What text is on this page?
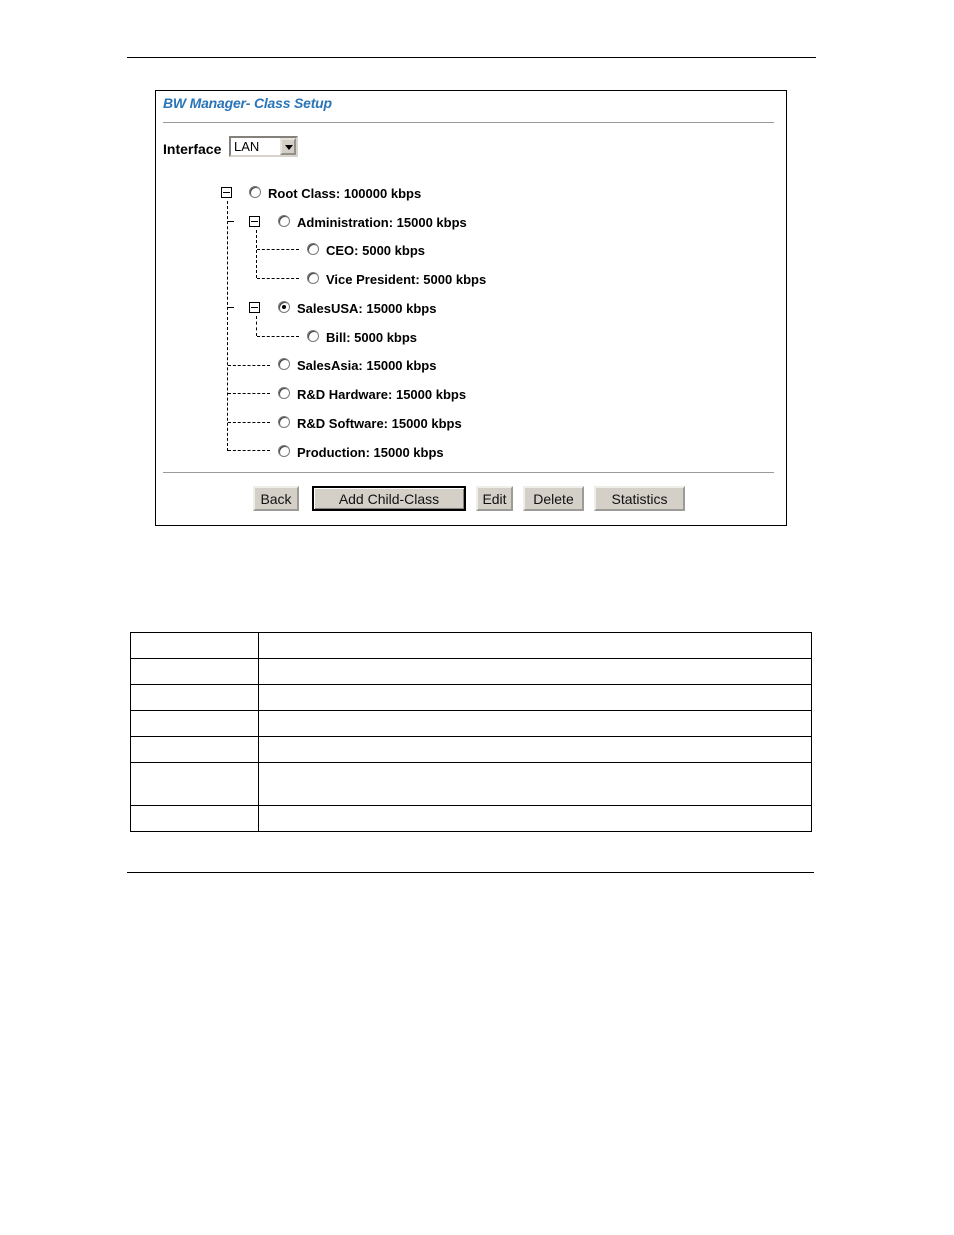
BW Manager- Class Setup
Interface LAN
Root Class: 100000 kbps
Administration: 15000 kbps
CEO: 5000 kbps
Vice President: 5000 kbps
SalesUSA: 15000 kbps
Bill: 5000 kbps
SalesAsia: 15000 kbps
R&D Hardware: 15000 kbps
R&D Software: 15000 kbps
Production: 15000 kbps
Back	Add Child-Class	Edit	Delete	Statistics
